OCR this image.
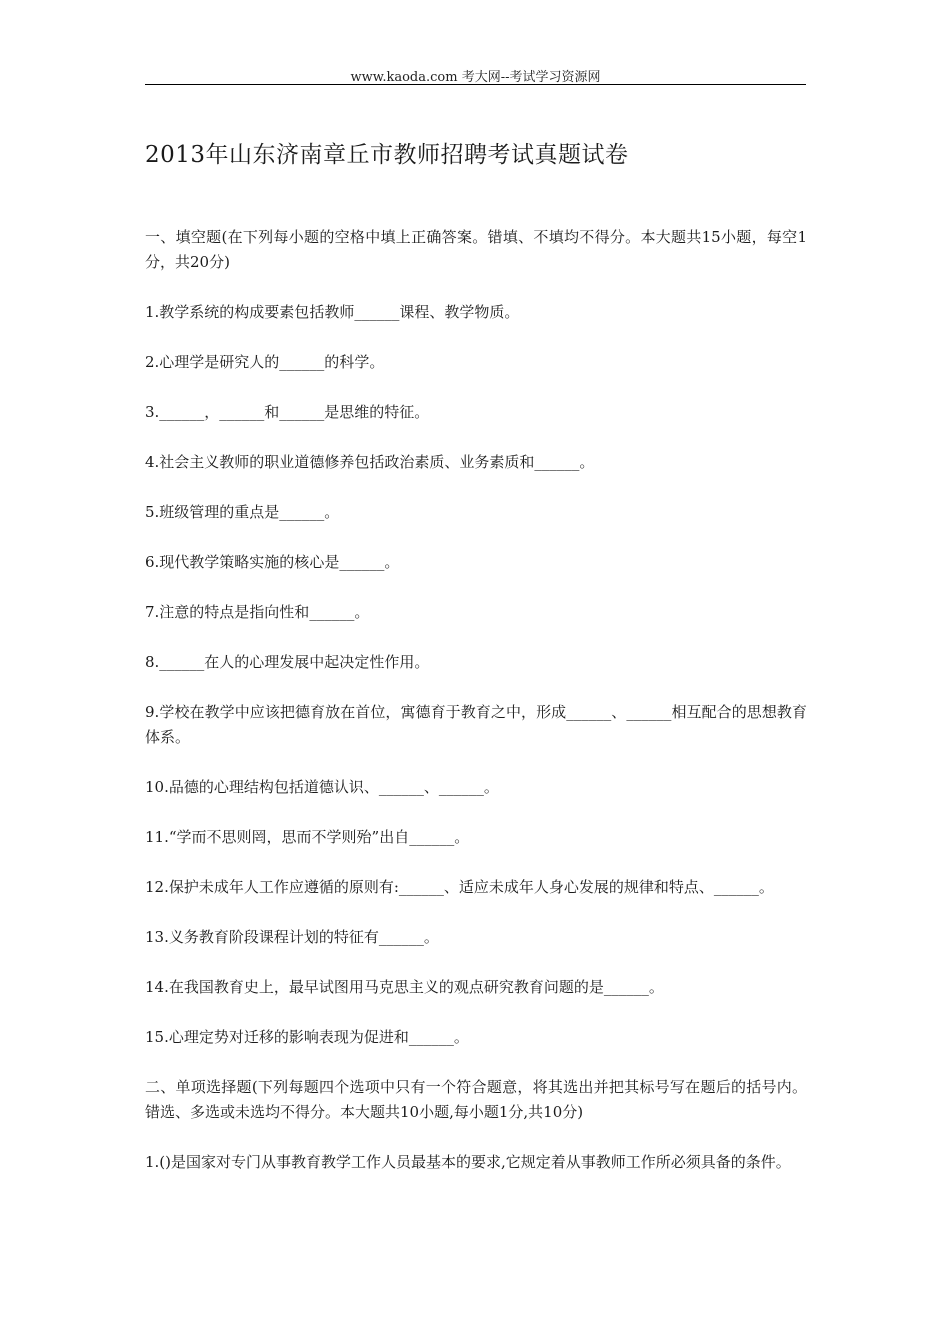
www.kaoda.com 考大网--考试学习资源网
2013年山东济南章丘市教师招聘考试真题试卷

一、填空题(在下列每小题的空格中填上正确答案。错填、不填均不得分。本大题共15小题，每空1分，共20分)

1.教学系统的构成要素包括教师______课程、教学物质。

2.心理学是研究人的______的科学。

3.______，______和______是思维的特征。

4.社会主义教师的职业道德修养包括政治素质、业务素质和______。

5.班级管理的重点是______。

6.现代教学策略实施的核心是______。

7.注意的特点是指向性和______。

8.______在人的心理发展中起决定性作用。

9.学校在教学中应该把德育放在首位，寓德育于教育之中，形成______、______相互配合的思想教育体系。

10.品德的心理结构包括道德认识、______、______。

11.“学而不思则罔，思而不学则殆”出自______。

12.保护未成年人工作应遵循的原则有:______、适应未成年人身心发展的规律和特点、______。

13.义务教育阶段课程计划的特征有______。

14.在我国教育史上，最早试图用马克思主义的观点研究教育问题的是______。

15.心理定势对迁移的影响表现为促进和______。

二、单项选择题(下列每题四个选项中只有一个符合题意，将其选出并把其标号写在题后的括号内。错选、多选或未选均不得分。本大题共10小题,每小题1分,共10分)

1.()是国家对专门从事教育教学工作人员最基本的要求,它规定着从事教师工作所必须具备的条件。
